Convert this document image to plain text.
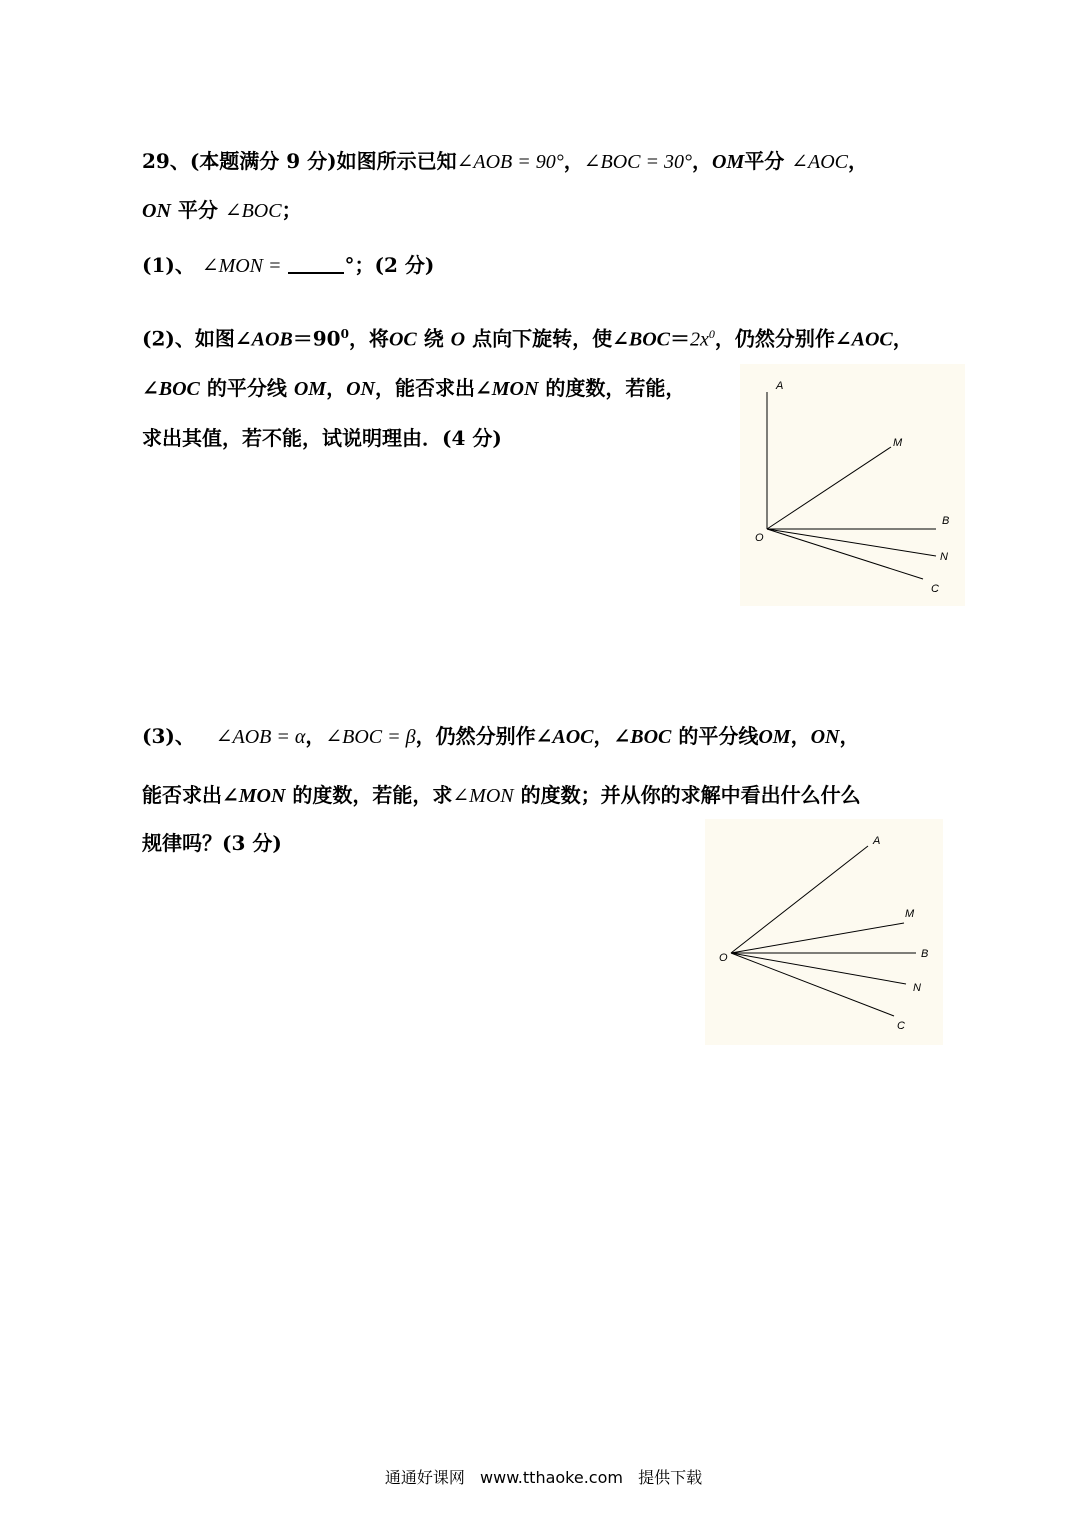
29、(本题满分 9 分)如图所示已知∠AOB = 90°，∠BOC = 30°，OM平分 ∠AOC，
ON 平分 ∠BOC；
(1)、 ∠MON =	°；(2 分)
(2)、如图$\angle AOB=90^0$，将OC 绕 O 点向下旋转，使$\angle BOC=2x^0$，仍然分别作∠AOC，
∠BOC 的平分线 OM，ON，能否求出∠MON 的度数，若能，
求出其值，若不能，试说明理由．(4 分)
A
M
B
O
N
C
(3)、 ∠AOB = α，∠BOC = β，仍然分别作∠AOC，∠BOC 的平分线OM，ON，
能否求出∠MON 的度数，若能，求∠MON 的度数；并从你的求解中看出什么什么
规律吗？(3 分)	A
M
B
O
N
C
通通好课网 www.tthaoke.com 提供下载
